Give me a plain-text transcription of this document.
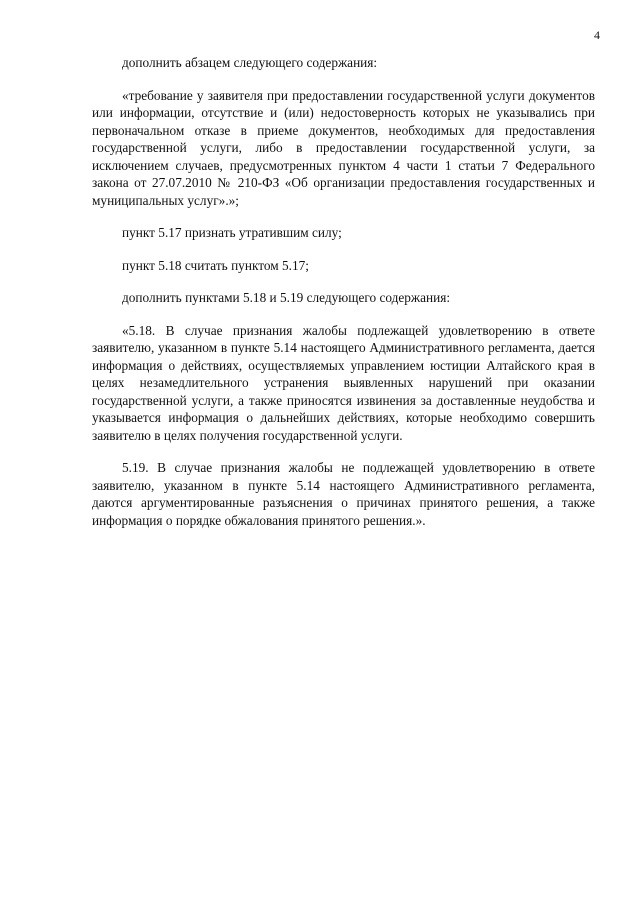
4

дополнить абзацем следующего содержания:

«требование у заявителя при предоставлении государственной услуги документов или информации, отсутствие и (или) недостоверность которых не указывались при первоначальном отказе в приеме документов, необходимых для предоставления государственной услуги, либо в предоставлении государственной услуги, за исключением случаев, предусмотренных пунктом 4 части 1 статьи 7 Федерального закона от 27.07.2010 № 210-ФЗ «Об организации предоставления государственных и муниципальных услуг».»;

пункт 5.17 признать утратившим силу;

пункт 5.18 считать пунктом 5.17;

дополнить пунктами 5.18 и 5.19 следующего содержания:

«5.18. В случае признания жалобы подлежащей удовлетворению в ответе заявителю, указанном в пункте 5.14 настоящего Административного регламента, дается информация о действиях, осуществляемых управлением юстиции Алтайского края в целях незамедлительного устранения выявленных нарушений при оказании государственной услуги, а также приносятся извинения за доставленные неудобства и указывается информация о дальнейших действиях, которые необходимо совершить заявителю в целях получения государственной услуги.

5.19. В случае признания жалобы не подлежащей удовлетворению в ответе заявителю, указанном в пункте 5.14 настоящего Административного регламента, даются аргументированные разъяснения о причинах принятого решения, а также информация о порядке обжалования принятого решения.».
